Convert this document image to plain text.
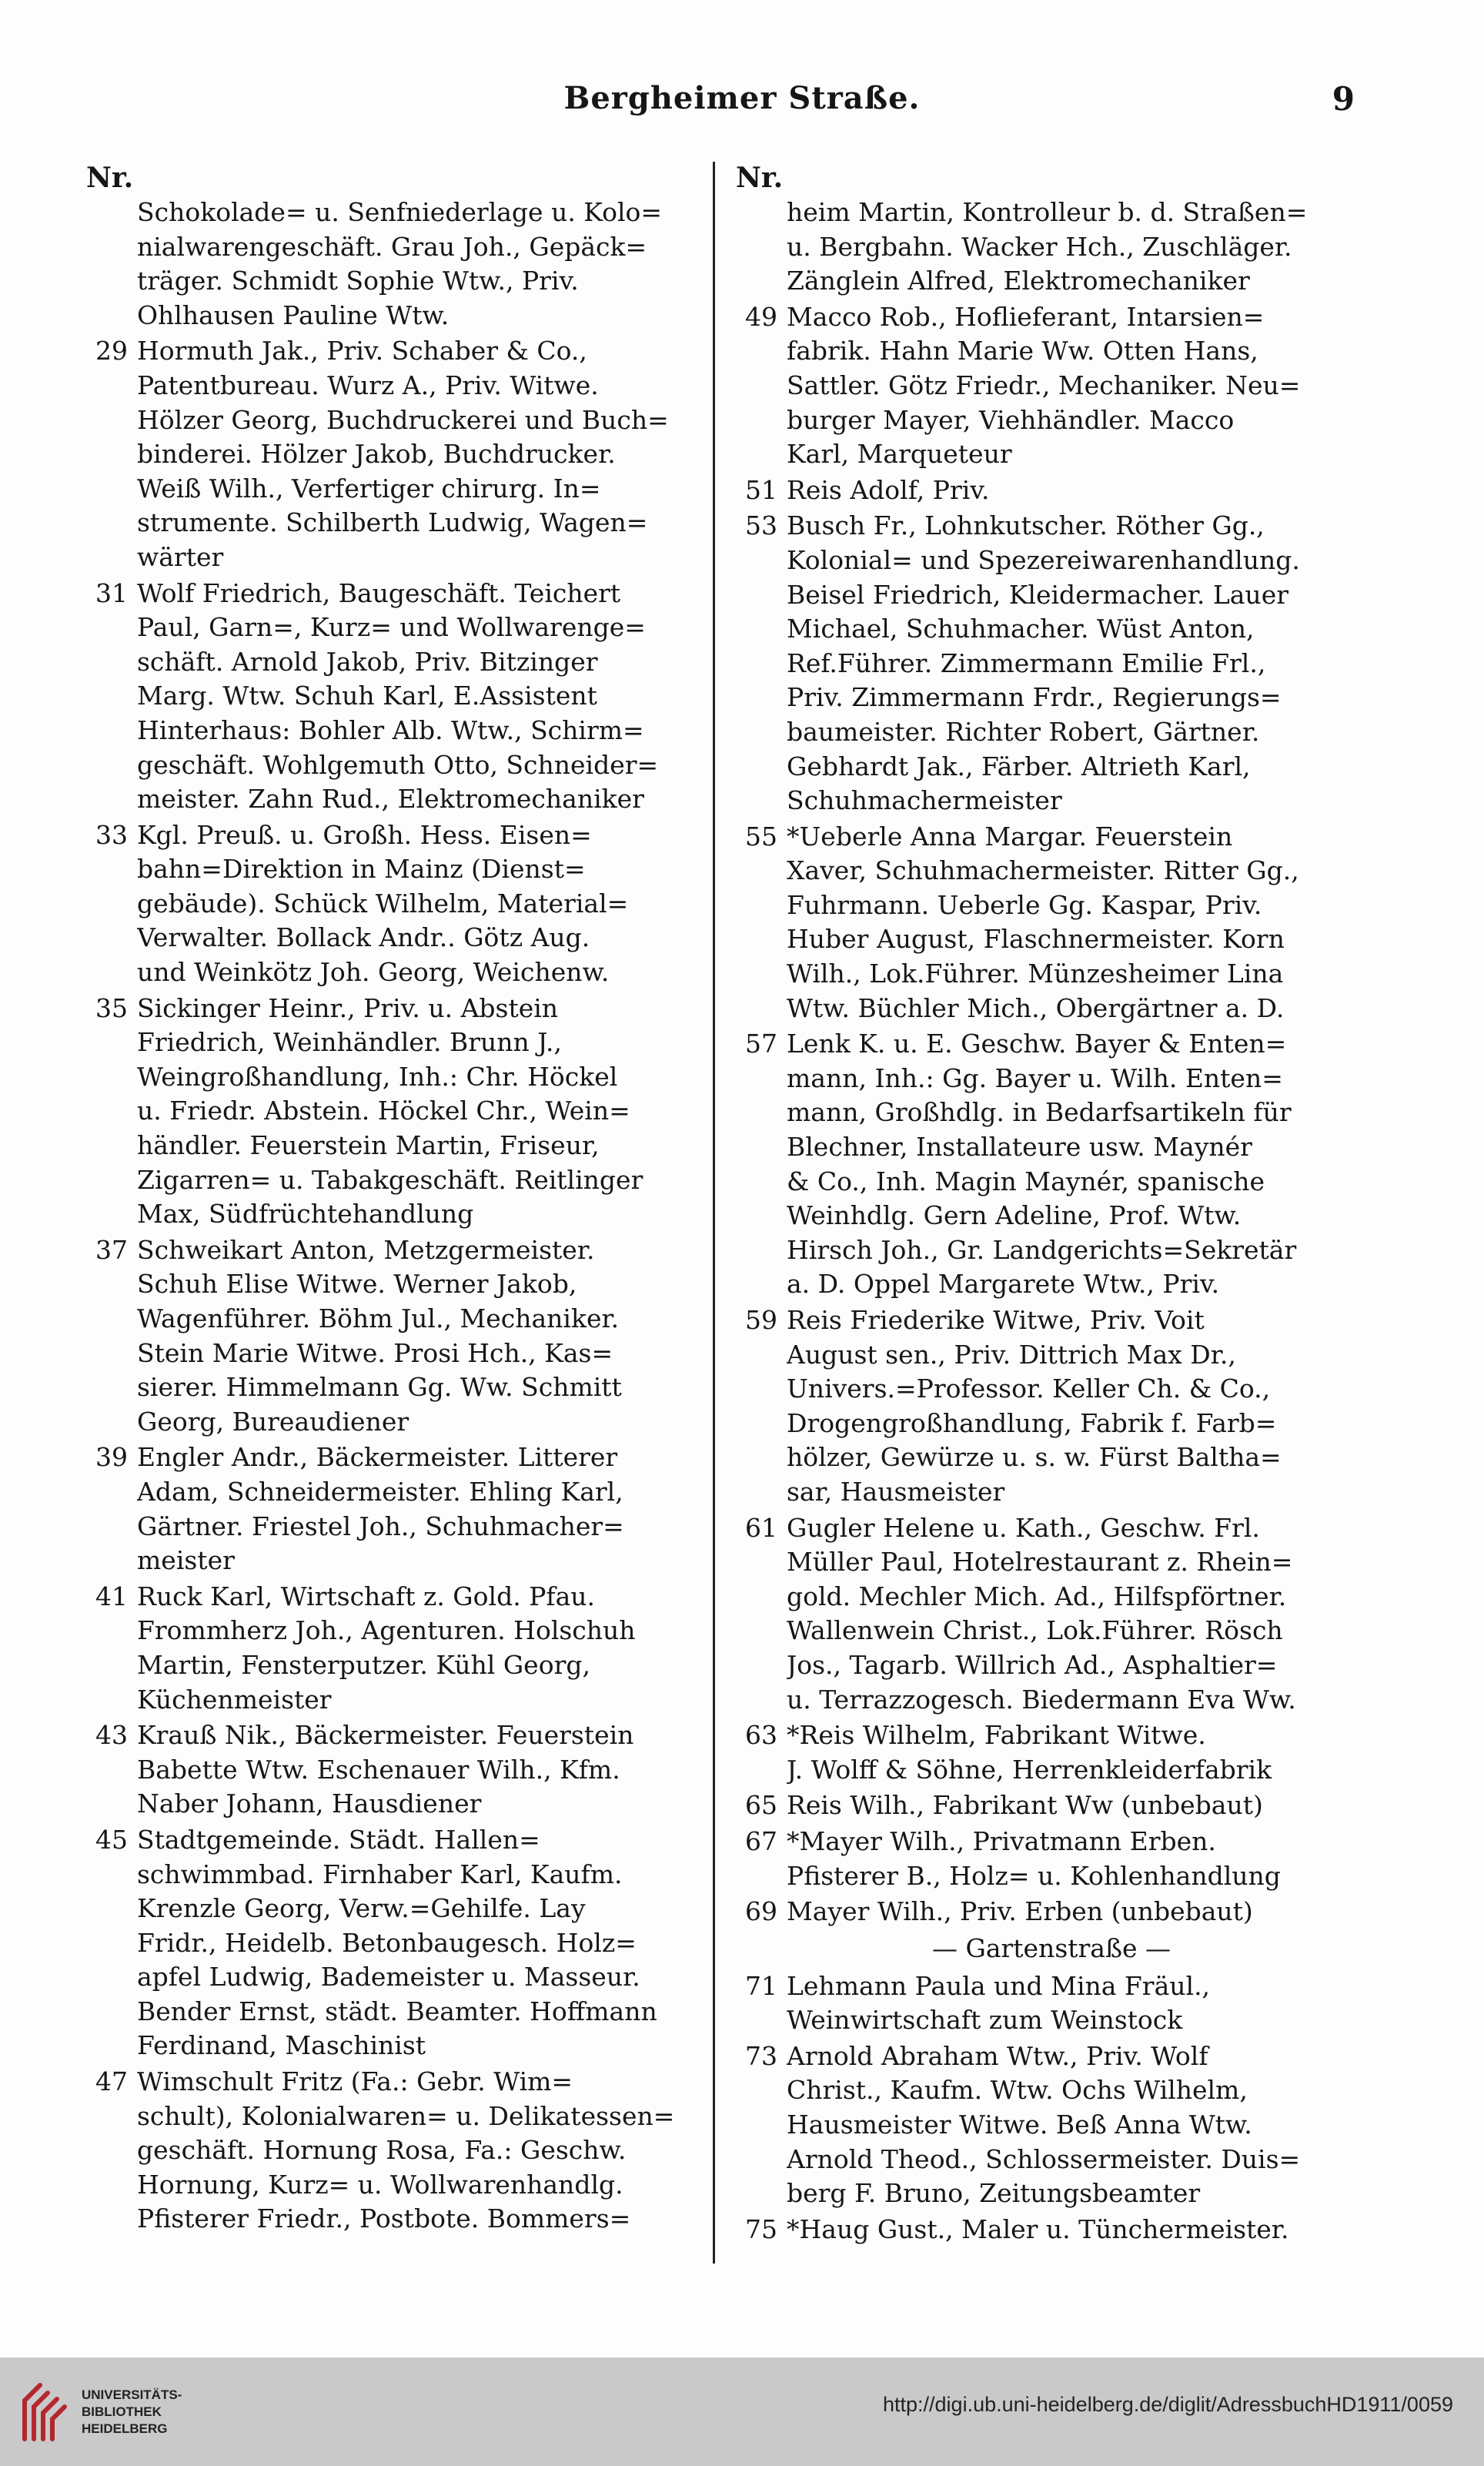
Bergheimer Straße.	9
Nr.
Schokolade= u. Senfniederlage u. Kolo=
nialwarengeschäft. Grau Joh., Gepäck=
träger. Schmidt Sophie Wtw., Priv.
Ohlhausen Pauline Wtw.
29 Hormuth Jak., Priv. Schaber & Co.,
Patentbureau. Wurz A., Priv. Witwe.
Hölzer Georg, Buchdruckerei und Buch=
binderei. Hölzer Jakob, Buchdrucker.
Weiß Wilh., Verfertiger chirurg. In=
strumente. Schilberth Ludwig, Wagen=
wärter
31 Wolf Friedrich, Baugeschäft. Teichert
Paul, Garn=, Kurz= und Wollwarenge=
schäft. Arnold Jakob, Priv. Bitzinger
Marg. Wtw. Schuh Karl, E.Assistent
Hinterhaus: Bohler Alb. Wtw., Schirm=
geschäft. Wohlgemuth Otto, Schneider=
meister. Zahn Rud., Elektromechaniker
33 Kgl. Preuß. u. Großh. Hess. Eisen=
bahn=Direktion in Mainz (Dienst=
gebäude). Schück Wilhelm, Material=
Verwalter. Bollack Andr.. Götz Aug.
und Weinkötz Joh. Georg, Weichenw.
35 Sickinger Heinr., Priv. u. Abstein
Friedrich, Weinhändler. Brunn J.,
Weingroßhandlung, Inh.: Chr. Höckel
u. Friedr. Abstein. Höckel Chr., Wein=
händler. Feuerstein Martin, Friseur,
Zigarren= u. Tabakgeschäft. Reitlinger
Max, Südfrüchtehandlung
37 Schweikart Anton, Metzgermeister.
Schuh Elise Witwe. Werner Jakob,
Wagenführer. Böhm Jul., Mechaniker.
Stein Marie Witwe. Prosi Hch., Kas=
sierer. Himmelmann Gg. Ww. Schmitt
Georg, Bureaudiener
39 Engler Andr., Bäckermeister. Litterer
Adam, Schneidermeister. Ehling Karl,
Gärtner. Friestel Joh., Schuhmacher=
meister
41 Ruck Karl, Wirtschaft z. Gold. Pfau.
Frommherz Joh., Agenturen. Holschuh
Martin, Fensterputzer. Kühl Georg,
Küchenmeister
43 Krauß Nik., Bäckermeister. Feuerstein
Babette Wtw. Eschenauer Wilh., Kfm.
Naber Johann, Hausdiener
45 Stadtgemeinde. Städt. Hallen=
schwimmbad. Firnhaber Karl, Kaufm.
Krenzle Georg, Verw.=Gehilfe. Lay
Fridr., Heidelb. Betonbaugesch. Holz=
apfel Ludwig, Bademeister u. Masseur.
Bender Ernst, städt. Beamter. Hoffmann
Ferdinand, Maschinist
47 Wimschult Fritz (Fa.: Gebr. Wim=
schult), Kolonialwaren= u. Delikatessen=
geschäft. Hornung Rosa, Fa.: Geschw.
Hornung, Kurz= u. Wollwarenhandlg.
Pfisterer Friedr., Postbote. Bommers=
Nr.
heim Martin, Kontrolleur b. d. Straßen=
u. Bergbahn. Wacker Hch., Zuschläger.
Zänglein Alfred, Elektromechaniker
49 Macco Rob., Hoflieferant, Intarsien=
fabrik. Hahn Marie Ww. Otten Hans,
Sattler. Götz Friedr., Mechaniker. Neu=
burger Mayer, Viehhändler. Macco
Karl, Marqueteur
51 Reis Adolf, Priv.
53 Busch Fr., Lohnkutscher. Röther Gg.,
Kolonial= und Spezereiwarenhandlung.
Beisel Friedrich, Kleidermacher. Lauer
Michael, Schuhmacher. Wüst Anton,
Ref.Führer. Zimmermann Emilie Frl.,
Priv. Zimmermann Frdr., Regierungs=
baumeister. Richter Robert, Gärtner.
Gebhardt Jak., Färber. Altrieth Karl,
Schuhmachermeister
55 *Ueberle Anna Margar. Feuerstein
Xaver, Schuhmachermeister. Ritter Gg.,
Fuhrmann. Ueberle Gg. Kaspar, Priv.
Huber August, Flaschnermeister. Korn
Wilh., Lok.Führer. Münzesheimer Lina
Wtw. Büchler Mich., Obergärtner a. D.
57 Lenk K. u. E. Geschw. Bayer & Enten=
mann, Inh.: Gg. Bayer u. Wilh. Enten=
mann, Großhdlg. in Bedarfsartikeln für
Blechner, Installateure usw. Maynér
& Co., Inh. Magin Maynér, spanische
Weinhdlg. Gern Adeline, Prof. Wtw.
Hirsch Joh., Gr. Landgerichts=Sekretär
a. D. Oppel Margarete Wtw., Priv.
59 Reis Friederike Witwe, Priv. Voit
August sen., Priv. Dittrich Max Dr.,
Univers.=Professor. Keller Ch. & Co.,
Drogengroßhandlung, Fabrik f. Farb=
hölzer, Gewürze u. s. w. Fürst Baltha=
sar, Hausmeister
61 Gugler Helene u. Kath., Geschw. Frl.
Müller Paul, Hotelrestaurant z. Rhein=
gold. Mechler Mich. Ad., Hilfspförtner.
Wallenwein Christ., Lok.Führer. Rösch
Jos., Tagarb. Willrich Ad., Asphaltier=
u. Terrazzogesch. Biedermann Eva Ww.
63 *Reis Wilhelm, Fabrikant Witwe.
J. Wolff & Söhne, Herrenkleiderfabrik
65 Reis Wilh., Fabrikant Ww (unbebaut)
67 *Mayer Wilh., Privatmann Erben.
Pfisterer B., Holz= u. Kohlenhandlung
69 Mayer Wilh., Priv. Erben (unbebaut)
— Gartenstraße —
71 Lehmann Paula und Mina Fräul.,
Weinwirtschaft zum Weinstock
73 Arnold Abraham Wtw., Priv. Wolf
Christ., Kaufm. Wtw. Ochs Wilhelm,
Hausmeister Witwe. Beß Anna Wtw.
Arnold Theod., Schlossermeister. Duis=
berg F. Bruno, Zeitungsbeamter
75 *Haug Gust., Maler u. Tünchermeister.
UNIVERSITÄTS-
BIBLIOTHEK
HEIDELBERG
http://digi.ub.uni-heidelberg.de/diglit/AdressbuchHD1911/0059
